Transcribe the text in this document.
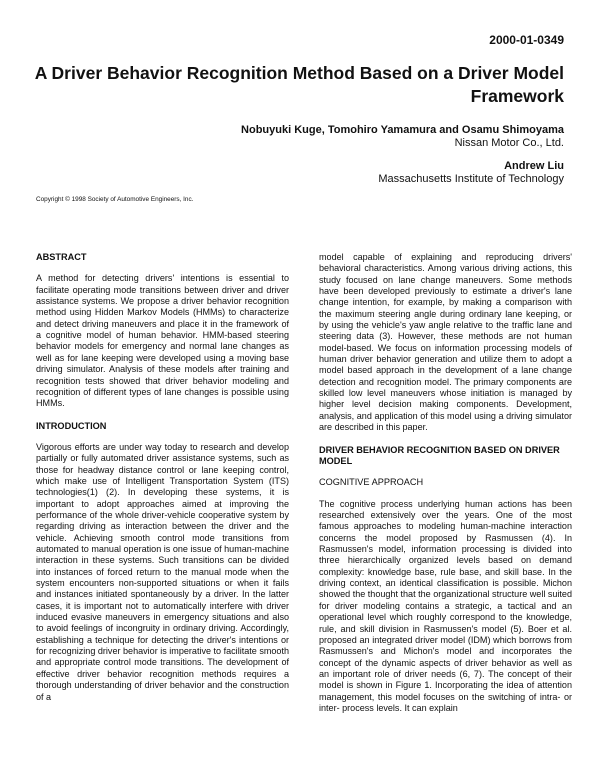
2000-01-0349
A Driver Behavior Recognition Method Based on a Driver Model Framework
Nobuyuki Kuge, Tomohiro Yamamura and Osamu Shimoyama
Nissan Motor Co., Ltd.
Andrew Liu
Massachusetts Institute of Technology
Copyright © 1998 Society of Automotive Engineers, Inc.
ABSTRACT

A method for detecting drivers' intentions is essential to facilitate operating mode transitions between driver and driver assistance systems. We propose a driver behavior recognition method using Hidden Markov Models (HMMs) to characterize and detect driving maneuvers and place it in the framework of a cognitive model of human behavior. HMM-based steering behavior models for emergency and normal lane changes as well as for lane keeping were developed using a moving base driving simulator. Analysis of these models after training and recognition tests showed that driver behavior modeling and recognition of different types of lane changes is possible using HMMs.

INTRODUCTION

Vigorous efforts are under way today to research and develop partially or fully automated driver assistance systems, such as those for headway distance control or lane keeping control, which make use of Intelligent Transportation System (ITS) technologies(1) (2). In developing these systems, it is important to adopt approaches aimed at improving the performance of the whole driver-vehicle cooperative system by regarding driving as interaction between the driver and the vehicle. Achieving smooth control mode transitions from automated to manual operation is one issue of human-machine interaction in these systems. Such transitions can be divided into instances of forced return to the manual mode when the system encounters non-supported situations or when it fails and instances initiated spontaneously by a driver. In the latter cases, it is important not to automatically interfere with driver induced evasive maneuvers in emergency situations and also to avoid feelings of incongruity in ordinary driving. Accordingly, establishing a technique for detecting the driver's intentions or for recognizing driver behavior is imperative to facilitate smooth and appropriate control mode transitions. The development of effective driver behavior recognition methods requires a thorough understanding of driver behavior and the construction of a

model capable of explaining and reproducing drivers' behavioral characteristics. Among various driving actions, this study focused on lane change maneuvers. Some methods have been developed previously to estimate a driver's lane change intention, for example, by making a comparison with the maximum steering angle during ordinary lane keeping, or by using the vehicle's yaw angle relative to the traffic lane and steering data (3). However, these methods are not human model-based. We focus on information processing models of human driver behavior generation and utilize them to adopt a model based approach in the development of a lane change detection and recognition model. The primary components are skilled low level maneuvers whose initiation is managed by higher level decision making components. Development, analysis, and application of this model using a driving simulator are described in this paper.

DRIVER BEHAVIOR RECOGNITION BASED ON DRIVER MODEL
COGNITIVE APPROACH

The cognitive process underlying human actions has been researched extensively over the years. One of the most famous approaches to modeling human-machine interaction concerns the model proposed by Rasmussen (4). In Rasmussen's model, information processing is divided into three hierarchically organized levels based on demand complexity: knowledge base, rule base, and skill base. In the driving context, an identical classification is possible. Michon showed the thought that the organizational structure well suited for driver modeling contains a strategic, a tactical and an operational level which roughly correspond to the knowledge, rule, and skill division in Rasmussen's model (5). Boer et al. proposed an integrated driver model (IDM) which borrows from Rasmussen's and Michon's model and incorporates the concept of the dynamic aspects of driver behavior as well as an important role of driver needs (6, 7). The concept of their model is shown in Figure 1. Incorporating the idea of attention management, this model focuses on the switching of intra- or inter- process levels. It can explain
